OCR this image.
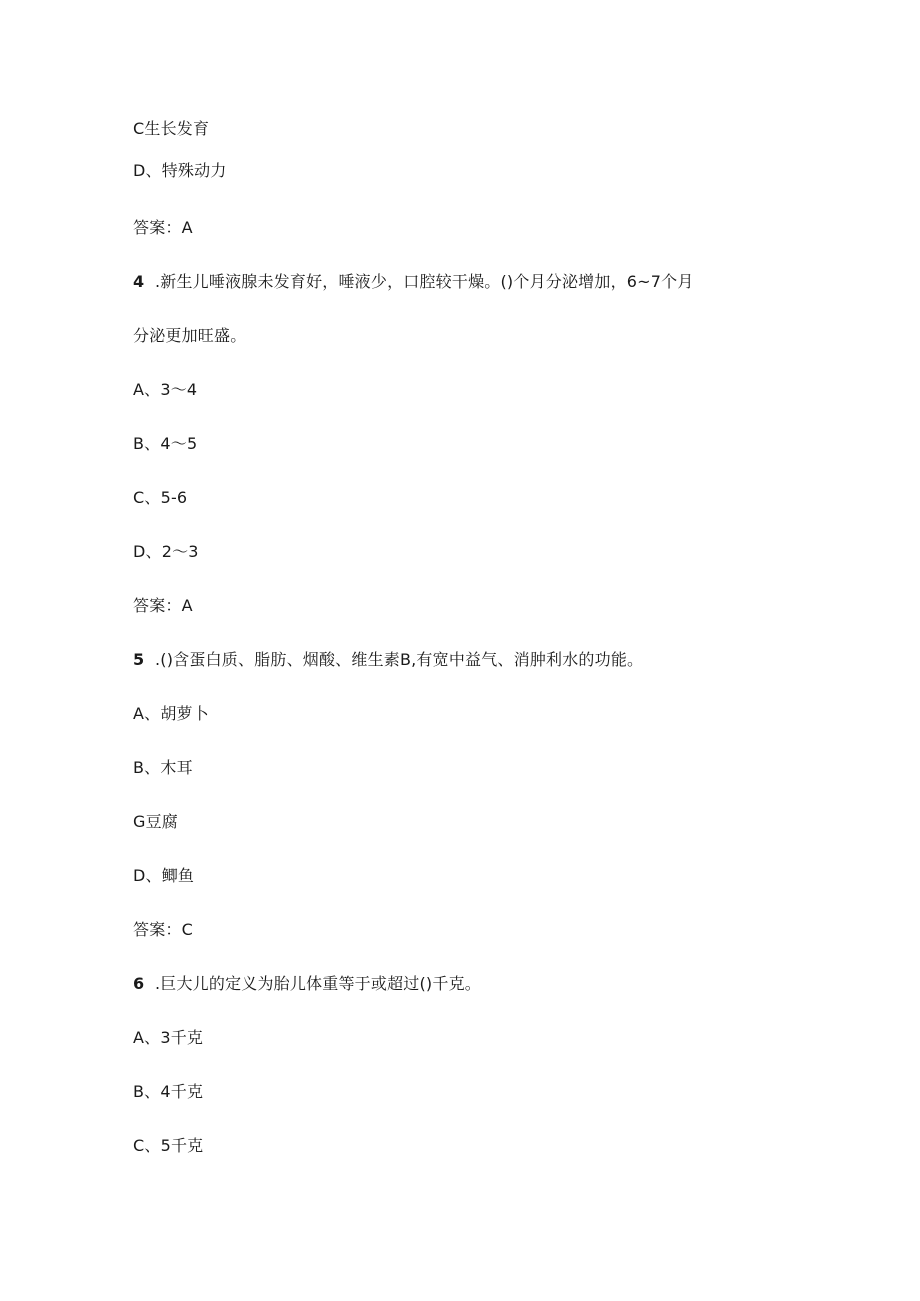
C生长发育
D、特殊动力
答案：A
4 .新生儿唾液腺未发育好，唾液少，口腔较干燥。()个月分泌增加，6~7个月
分泌更加旺盛。
A、3〜4
B、4〜5
C、5-6
D、2〜3
答案：A
5 .()含蛋白质、脂肪、烟酸、维生素B,有宽中益气、消肿利水的功能。
A、胡萝卜
B、木耳
G豆腐
D、鲫鱼
答案：C
6 .巨大儿的定义为胎儿体重等于或超过()千克。
A、3千克
B、4千克
C、5千克
